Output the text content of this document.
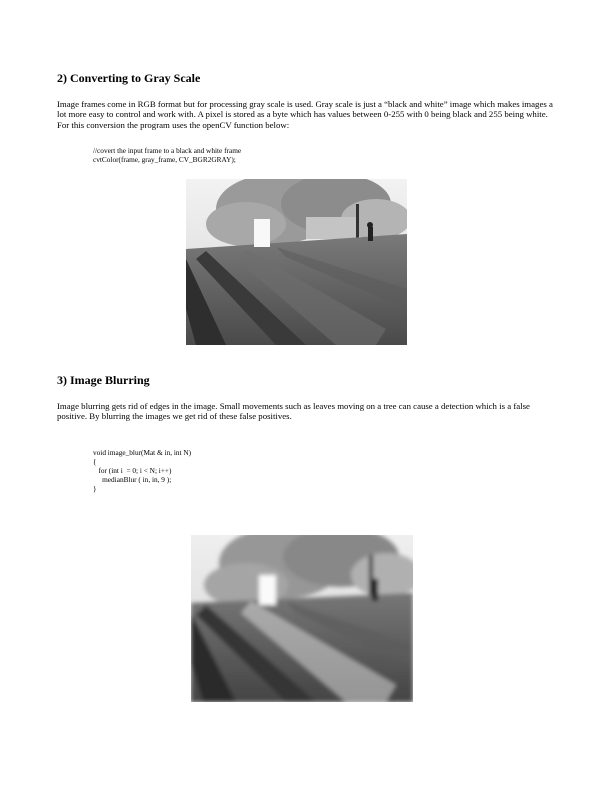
2) Converting to Gray Scale

Image frames come in RGB format but for processing gray scale is used. Gray scale is just a “black and white” image which makes images a lot more easy to control and work with. A pixel is stored as a byte which has values between 0-255 with 0 being black and 255 being white. For this conversion the program uses the openCV function below:

//covert the input frame to a black and white frame
cvtColor(frame, gray_frame, CV_BGR2GRAY);
3) Image Blurring

Image blurring gets rid of edges in the image. Small movements such as leaves moving on a tree can cause a detection which is a false positive. By blurring the images we get rid of these false positives.

void image_blur(Mat & in, int N)
{
for (int i  = 0; i < N; i++)
medianBlur ( in, in, 9 );
}
